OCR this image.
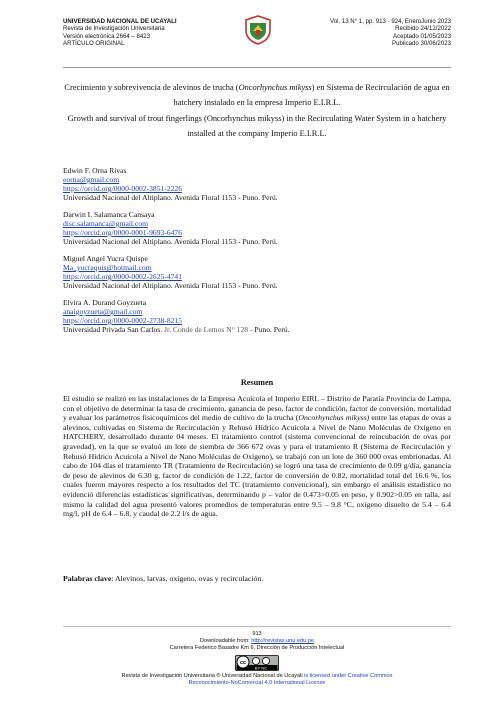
UNIVERSIDAD NACIONAL DE UCAYALI
Revista de Investigación Universitaria
Versión electrónica 2664 – 8423
ARTÍCULO ORIGINAL
Vol. 13 N° 1, pp. 913 - 924, EneroJunio 2023
Recibido 24/12/2022
Aceptado 01/05/2023
Publicado 30/06/2023
Crecimiento y sobrevivencia de alevinos de trucha (Oncorhynchus mikyss) en Sistema de Recirculación de agua en hatchery instalado en la empresa Imperio E.I.R.L.
Growth and survival of trout fingerlings (Oncorhynchus mikyss) in the Recirculating Water System in a hatchery installed at the company Imperio E.I.R.L.
Edwin F. Orna Rivas
eorna@gmail.com
https://orcid.org/0000-0002-3851-2226
Universidad Nacional del Altiplano. Avenida Floral 1153 - Puno. Perú.
Darwin I. Salamanca Cansaya
disc.salamanca@gmail.com
https://orcid.org/0000-0001-9693-6476
Universidad Nacional del Altiplano. Avenida Floral 1153 - Puno. Perú.
Miguel Angel Yucra Quispe
Ma_yucraquis@hotmail.com
https://orcid.org/0000-0002-2625-4741
Universidad Nacional del Altiplano. Avenida Floral 1153 - Puno. Perú.
Elvira A. Durand Goyzueta
anaigoyzueta@gmail.com
https://orcid.org/0000-0002-2738-8215
Universidad Privada San Carlos. Jr. Conde de Lemos N° 128 - Puno. Perú.
Resumen

El estudio se realizó en las instalaciones de la Empresa Acuícola el Imperio EIRL – Distrito de Paratía Provincia de Lampa, con el objetivo de determinar la tasa de crecimiento, ganancia de peso, factor de condición, factor de conversión, mortalidad y evaluar los parámetros fisicoquímicos del medio de cultivo de la trucha (Oncorhynchus mikyss) entre las etapas de ovas a alevinos, cultivadas en Sistema de Recirculación y Rehusó Hídrico Acuícola a Nivel de Nano Moléculas de Oxígeno en HATCHERY, desarrollado durante 04 meses. El tratamiento control (sistema convencional de reincubación de ovas por gravedad), en la que se evaluó un lote de siembra de 366 672 ovas y para el tratamiento R (Sistema de Recirculación y Rehusó Hídrico Acuícola a Nivel de Nano Moléculas de Oxígeno), se trabajó con un lote de 360 000 ovas embrionadas. Al cabo de 104 días el tratamiento TR (Tratamiento de Recirculación) se logró una tasa de crecimiento de 0.09 g/día, ganancia de peso de alevinos de 6.30 g, factor de condición de 1.22, factor de conversión de 0.82, mortalidad total del 16.6 %, los cuales fueron mayores respecto a los resultados del TC (tratamiento convencional), sin embargo el análisis estadístico no evidenció diferencias estadísticas significativas, determinando p – valor de 0.473>0.05 en peso, y 0.902>0.05 en talla, así mismo la calidad del agua presentó valores promedios de temperaturas entre 9.5 – 9.8 °C, oxígeno disuelto de 5.4 – 6.4 mg/l, pH de 6.4 – 6.8, y caudal de 2.2 l/s de agua.

Palabras clave: Alevinos, larvas, oxígeno, ovas y recirculación.

913
Downloadable from: http://revistas.unu.edu.pe
Carretera Federico Basadre Km 6, Dirección de Producción Intelectual
cc
BY NC
Revista de Investigación Universitaria ® Universidad Nacional de Ucayali is licensed under Creative Commos
Reconocimiento-NoComercial 4.0 International License
